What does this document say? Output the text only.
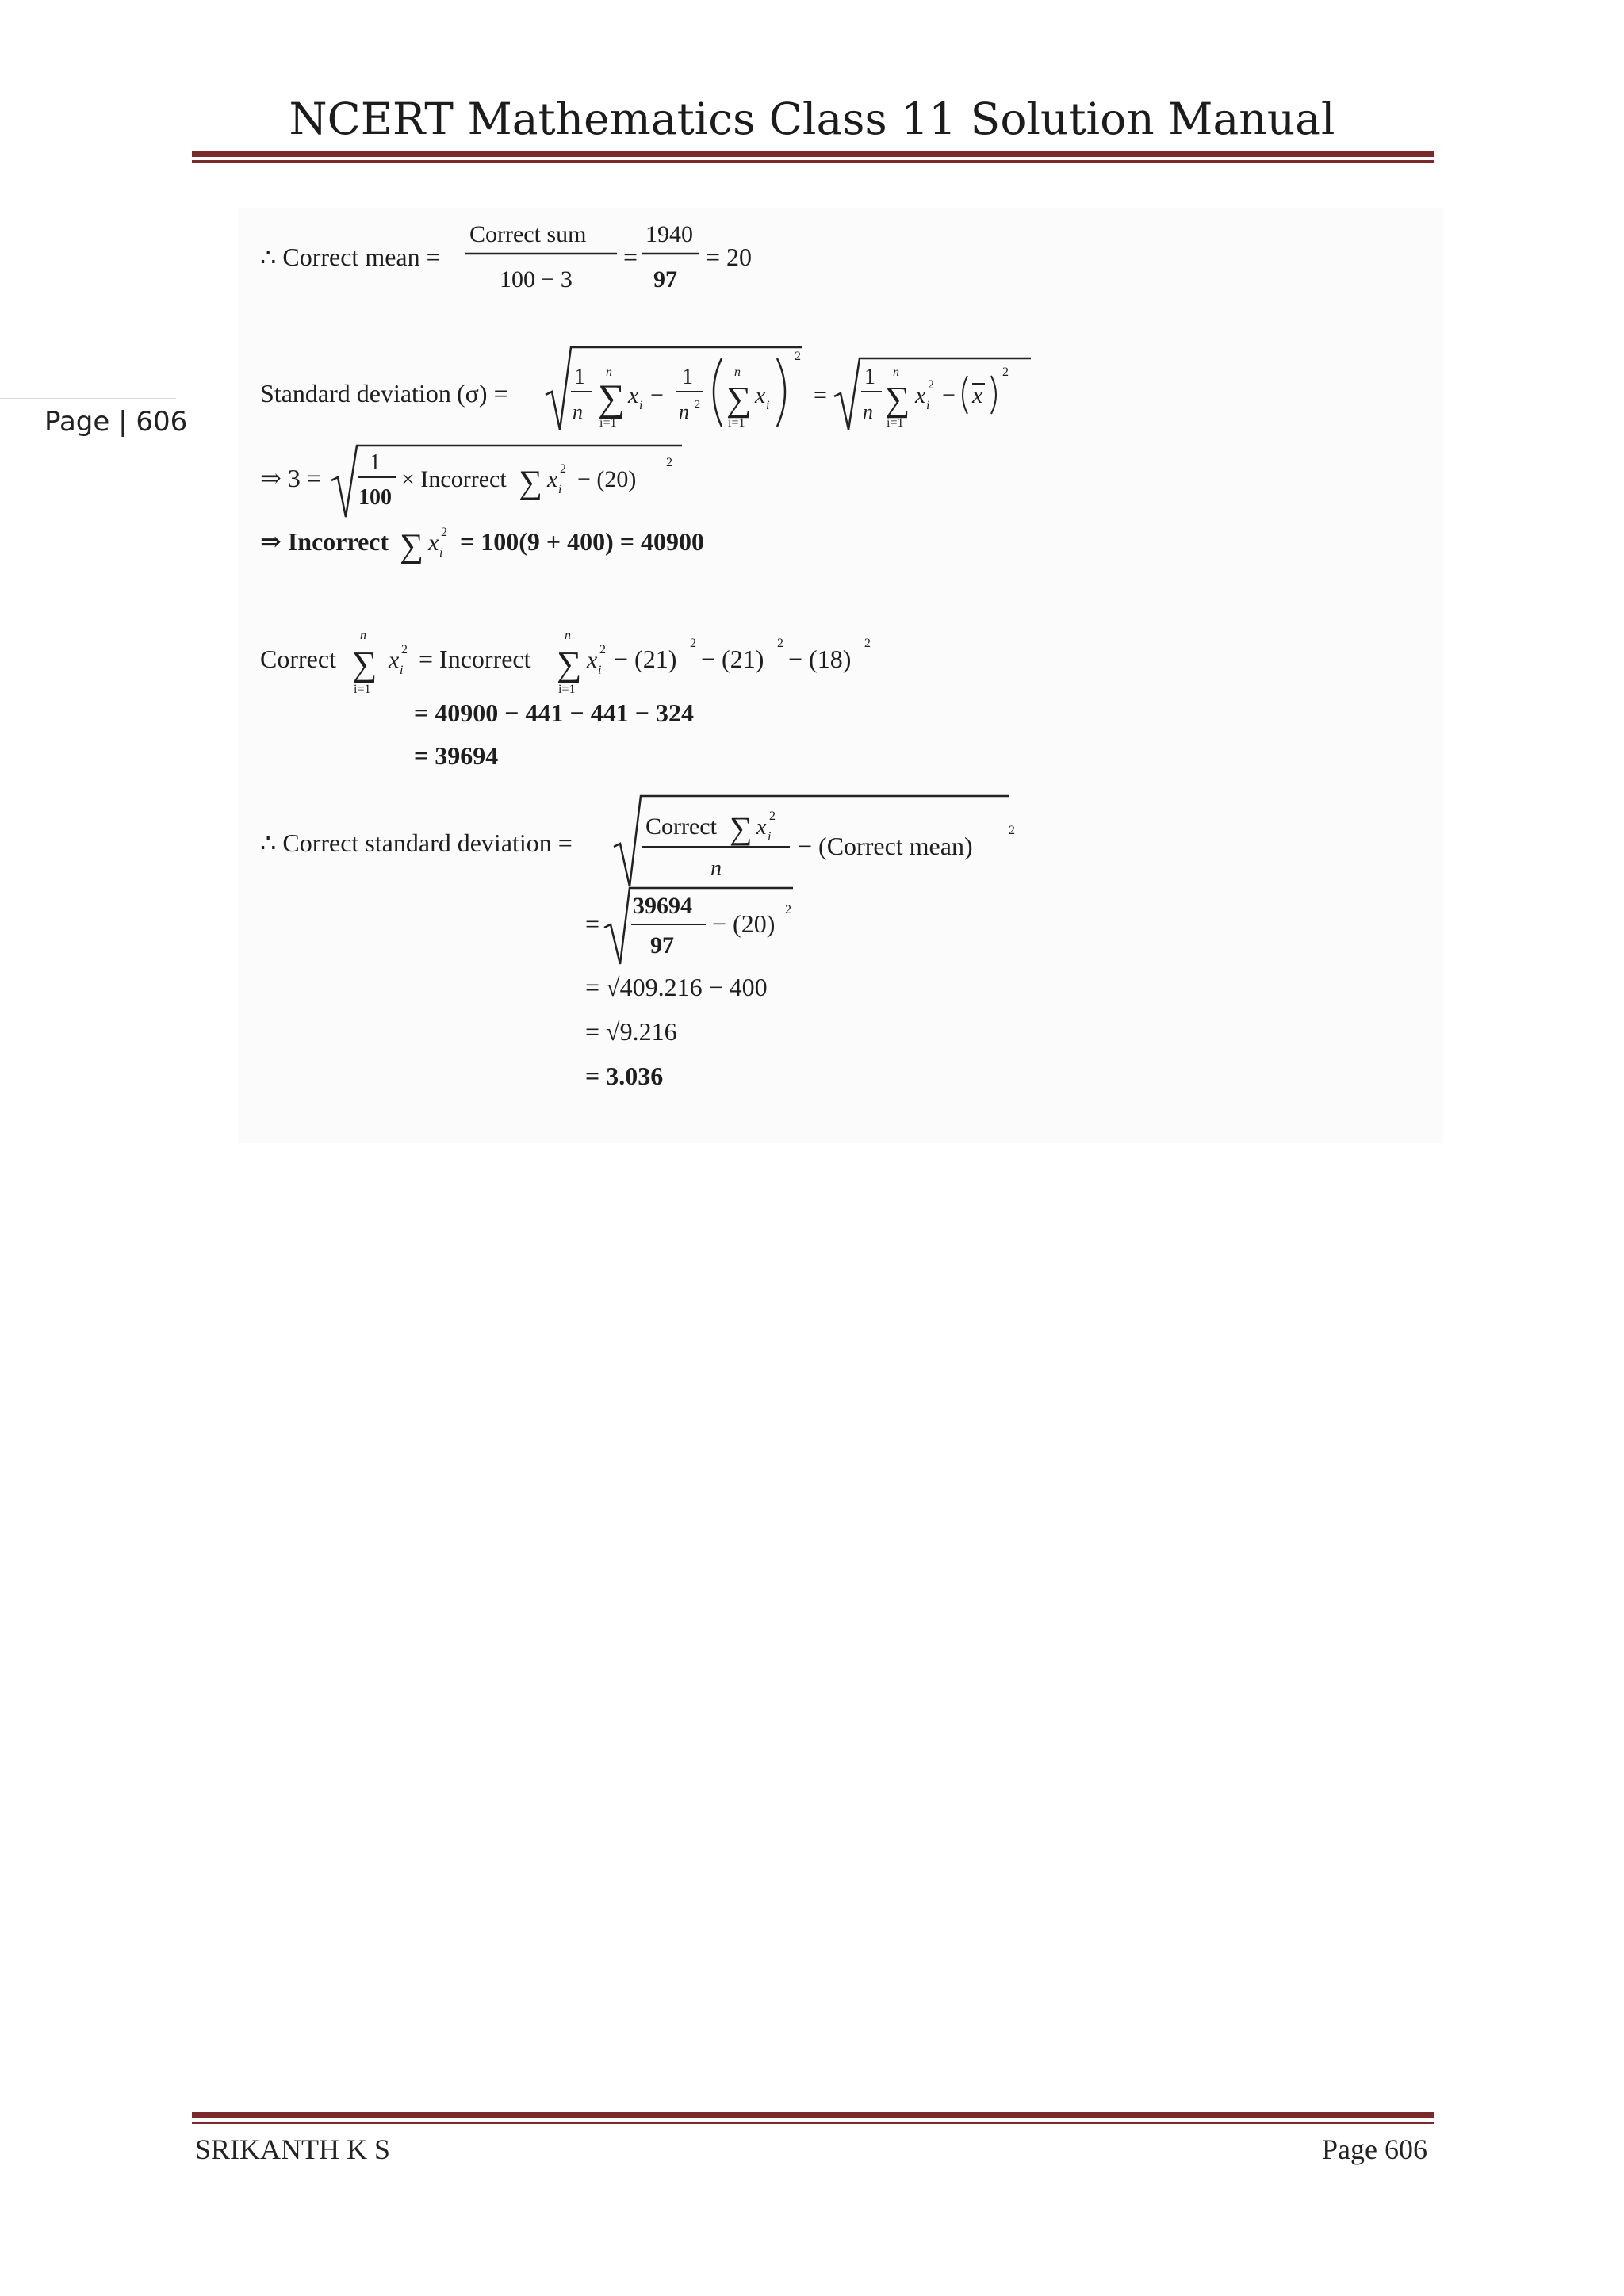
NCERT Mathematics Class 11 Solution Manual
Page | 606
∴ Correct mean =
Correct sum
100 − 3
=
1940
97
= 20
Standard deviation (σ) =
1
n ∑
n
i=1
x i −
1
n 2 ∑
n
i=1
x i
2
=
1
n ∑
n
i=1
x i
2 − x
2
⇒ 3 =
1
100
× Incorrect ∑ x i
2 − (20)
2
⇒ Incorrect ∑ x i
2 = 100(9 + 400) = 40900
Correct ∑
n
i=1
x i
2 = Incorrect ∑
n
i=1
x i
2 − (21)
2
− (21)
2
− (18)
2
= 40900 − 441 − 441 − 324
= 39694
∴ Correct standard deviation =
Correct ∑ x i
2
n
− (Correct mean)
2
=
39694
97
− (20) 2
= √409.216 − 400
= √9.216
= 3.036
SRIKANTH K S	Page 606
